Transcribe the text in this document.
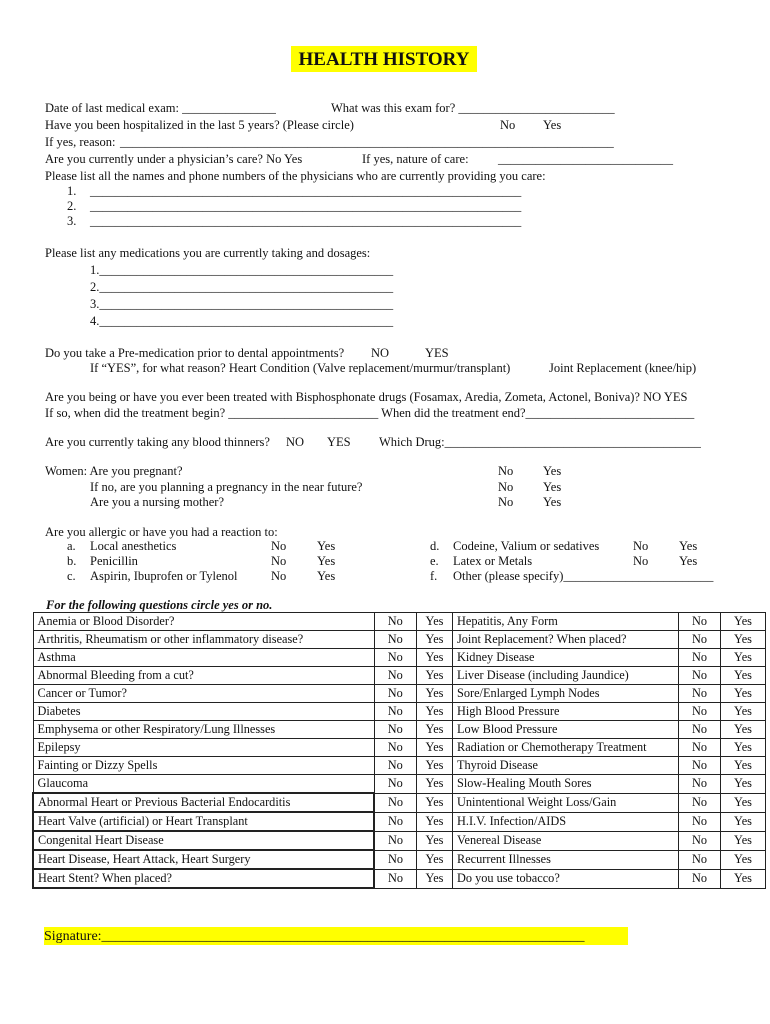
HEALTH HISTORY
Date of last medical exam: _______________	What was this exam for? _________________________
Have you been hospitalized in the last 5 years? (Please circle)	No Yes
If yes, reason: _______________________________________________________________________________
Are you currently under a physician’s care? No Yes	If yes, nature of care: ____________________________
Please list all the names and phone numbers of the physicians who are currently providing you care:
1. _____________________________________________________________________
2. _____________________________________________________________________
3. _____________________________________________________________________
Please list any medications you are currently taking and dosages:
1._______________________________________________
2._______________________________________________
3._______________________________________________
4._______________________________________________
Do you take a Pre-medication prior to dental appointments? NO	YES
If “YES”, for what reason? Heart Condition (Valve replacement/murmur/transplant)	Joint Replacement (knee/hip)
Are you being or have you ever been treated with Bisphosphonate drugs (Fosamax, Aredia, Zometa, Actonel, Boniva)? NO YES
If so, when did the treatment begin? ________________________ When did the treatment end?___________________________
Are you currently taking any blood thinners? NO YES Which Drug:_________________________________________
Women: Are you pregnant?	No Yes
If no, are you planning a pregnancy in the near future?	No Yes
Are you a nursing mother?	No Yes
Are you allergic or have you had a reaction to:
a. Local anesthetics	No Yes
b. Penicillin	No Yes
c. Aspirin, Ibuprofen or Tylenol	No Yes
d. Codeine, Valium or sedatives	No Yes
e. Latex or Metals	No Yes
f. Other (please specify)________________________
For the following questions circle yes or no.
Anemia or Blood Disorder?	No	Yes	Hepatitis, Any Form	No	Yes
Arthritis, Rheumatism or other inflammatory disease?	No	Yes	Joint Replacement? When placed?	No	Yes
Asthma	No	Yes	Kidney Disease	No	Yes
Abnormal Bleeding from a cut?	No	Yes	Liver Disease (including Jaundice)	No	Yes
Cancer or Tumor?	No	Yes	Sore/Enlarged Lymph Nodes	No	Yes
Diabetes	No	Yes	High Blood Pressure	No	Yes
Emphysema or other Respiratory/Lung Illnesses	No	Yes	Low Blood Pressure	No	Yes
Epilepsy	No	Yes	Radiation or Chemotherapy Treatment	No	Yes
Fainting or Dizzy Spells	No	Yes	Thyroid Disease	No	Yes
Glaucoma	No	Yes	Slow-Healing Mouth Sores	No	Yes
Abnormal Heart or Previous Bacterial Endocarditis	No	Yes	Unintentional Weight Loss/Gain	No	Yes
Heart Valve (artificial) or Heart Transplant	No	Yes	H.I.V. Infection/AIDS	No	Yes
Congenital Heart Disease	No	Yes	Venereal Disease	No	Yes
Heart Disease, Heart Attack, Heart Surgery	No	Yes	Recurrent Illnesses	No	Yes
Heart Stent? When placed?	No	Yes	Do you use tobacco?	No	Yes
Signature:_____________________________________________________________________
